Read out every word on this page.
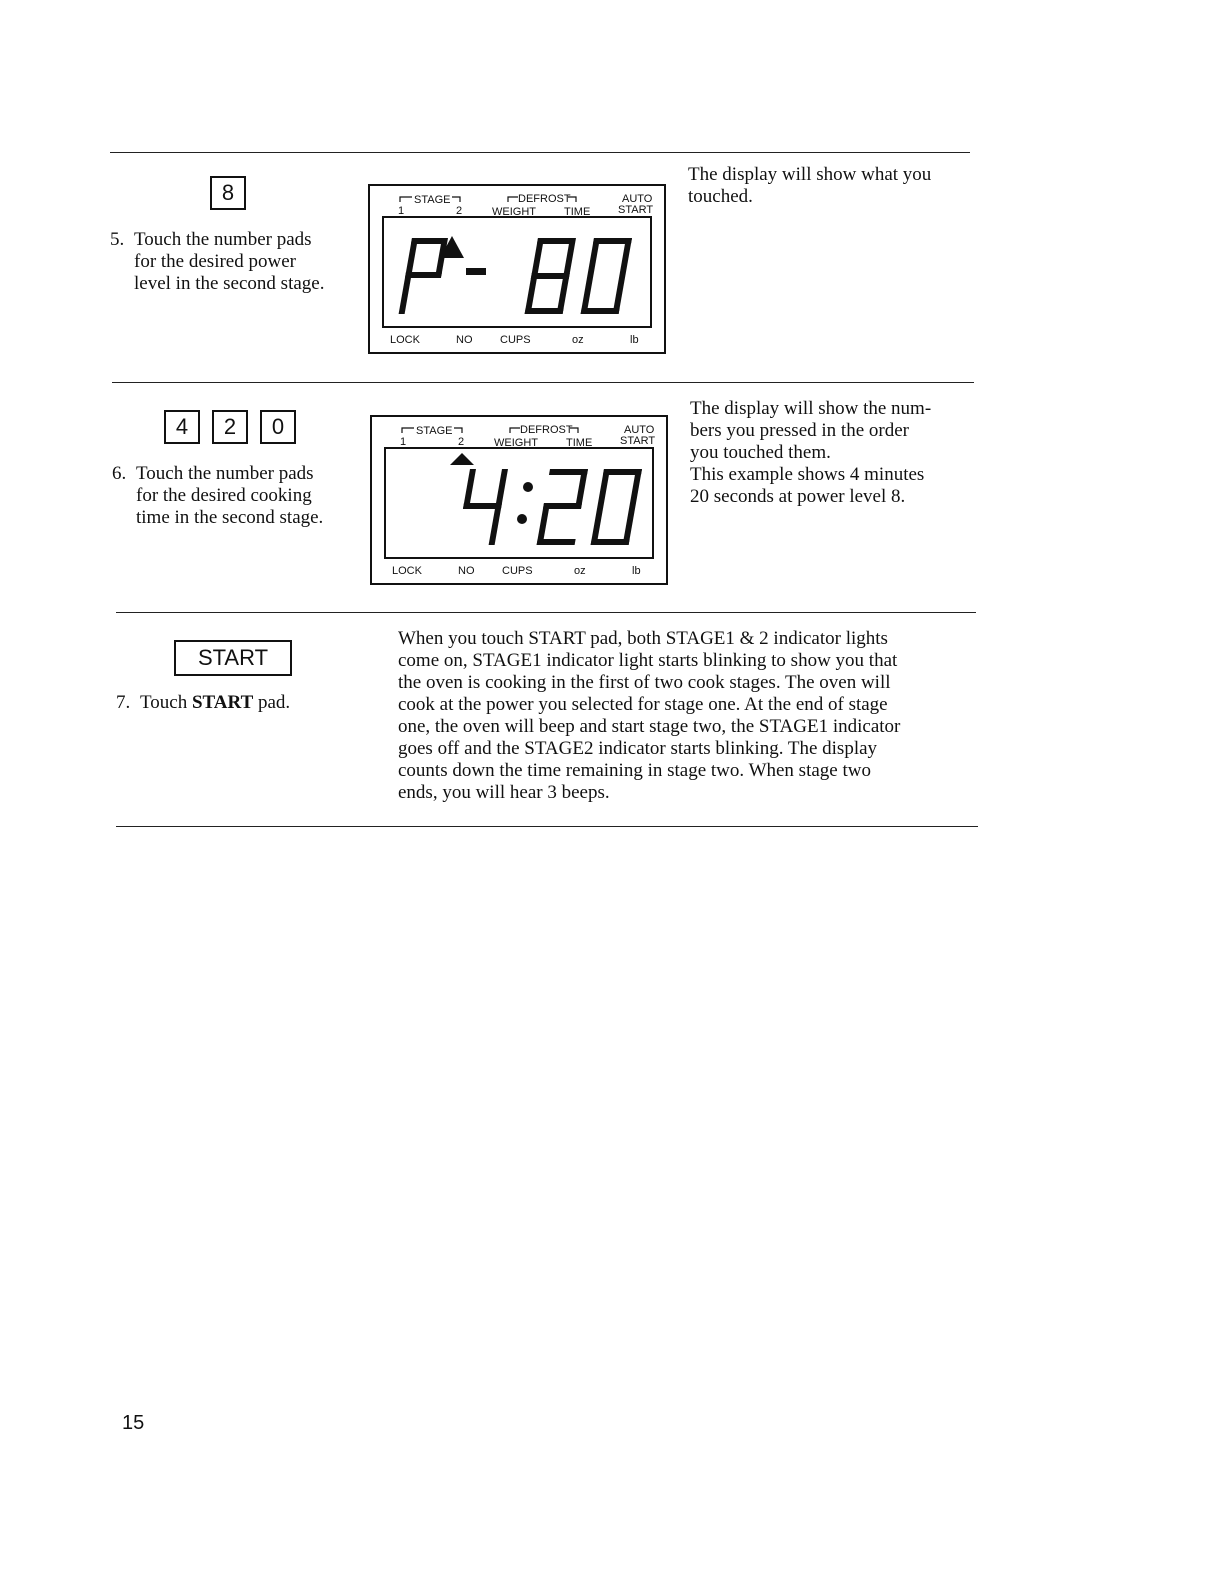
8
5. Touch the number pads
for the desired power
level in the second stage.
STAGE
1	2
DEFROST
WEIGHT	TIME
AUTO
START
LOCK	NO	CUPS	oz	lb

The display will show what you

touched.

4 2 0
6. Touch the number pads
for the desired cooking
time in the second stage.
STAGE
1	2
DEFROST
WEIGHT	TIME
AUTO
START
LOCK	NO	CUPS	oz	lb

The display will show the num-

bers you pressed in the order

you touched them.

This example shows 4 minutes

20 seconds at power level 8.

START
7. Touch START pad.

When you touch START pad, both STAGE1 & 2 indicator lights

come on, STAGE1 indicator light starts blinking to show you that

the oven is cooking in the first of two cook stages. The oven will

cook at the power you selected for stage one. At the end of stage

one, the oven will beep and start stage two, the STAGE1 indicator

goes off and the STAGE2 indicator starts blinking. The display

counts down the time remaining in stage two. When stage two

ends, you will hear 3 beeps.

15
